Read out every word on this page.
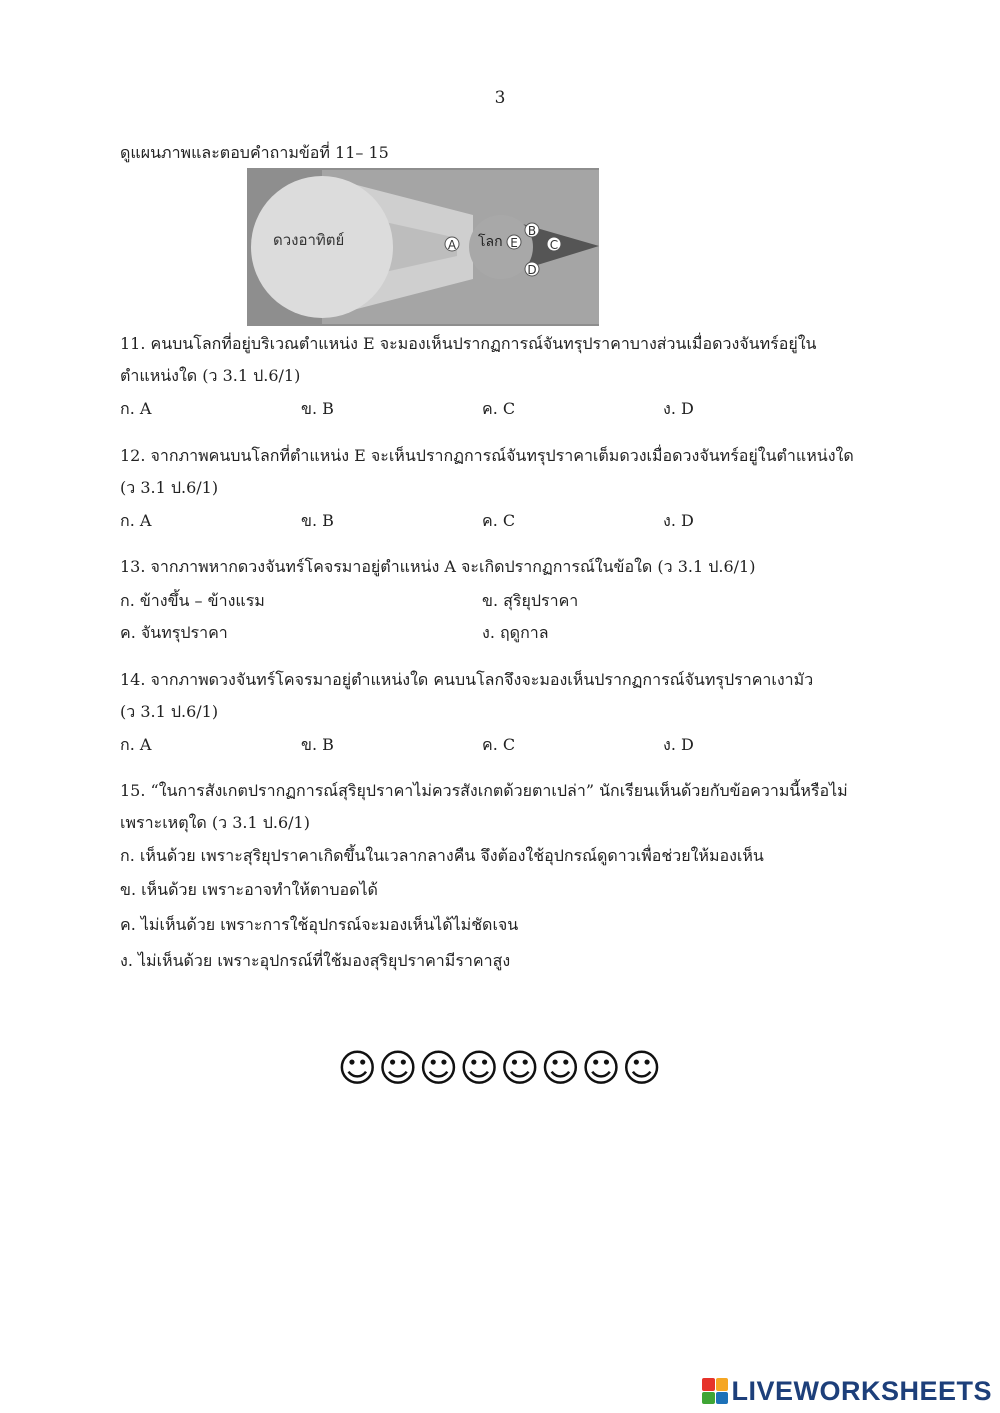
3
ดูแผนภาพและตอบคำถามข้อที่ 11– 15
ดวงอาทิตย์	โลก
A
B
C
D
E
11. คนบนโลกที่อยู่บริเวณตำแหน่ง E จะมองเห็นปรากฏการณ์จันทรุปราคาบางส่วนเมื่อดวงจันทร์อยู่ใน
ตำแหน่งใด (ว 3.1 ป.6/1)
ก. A	ข. B	ค. C	ง. D
12. จากภาพคนบนโลกที่ตำแหน่ง E จะเห็นปรากฏการณ์จันทรุปราคาเต็มดวงเมื่อดวงจันทร์อยู่ในตำแหน่งใด
(ว 3.1 ป.6/1)
ก. A	ข. B	ค. C	ง. D
13. จากภาพหากดวงจันทร์โคจรมาอยู่ตำแหน่ง A จะเกิดปรากฏการณ์ในข้อใด (ว 3.1 ป.6/1)
ก. ข้างขึ้น – ข้างแรม	ข. สุริยุปราคา
ค. จันทรุปราคา	ง. ฤดูกาล
14. จากภาพดวงจันทร์โคจรมาอยู่ตำแหน่งใด คนบนโลกจึงจะมองเห็นปรากฏการณ์จันทรุปราคาเงามัว
(ว 3.1 ป.6/1)
ก. A	ข. B	ค. C	ง. D
15. “ในการสังเกตปรากฏการณ์สุริยุปราคาไม่ควรสังเกตด้วยตาเปล่า” นักเรียนเห็นด้วยกับข้อความนี้หรือไม่
เพราะเหตุใด (ว 3.1 ป.6/1)
ก. เห็นด้วย เพราะสุริยุปราคาเกิดขึ้นในเวลากลางคืน จึงต้องใช้อุปกรณ์ดูดาวเพื่อช่วยให้มองเห็น
ข. เห็นด้วย เพราะอาจทำให้ตาบอดได้
ค. ไม่เห็นด้วย เพราะการใช้อุปกรณ์จะมองเห็นได้ไม่ชัดเจน
ง. ไม่เห็นด้วย เพราะอุปกรณ์ที่ใช้มองสุริยุปราคามีราคาสูง
☺☺☺☺☺☺☺☺
LIVEWORKSHEETS
